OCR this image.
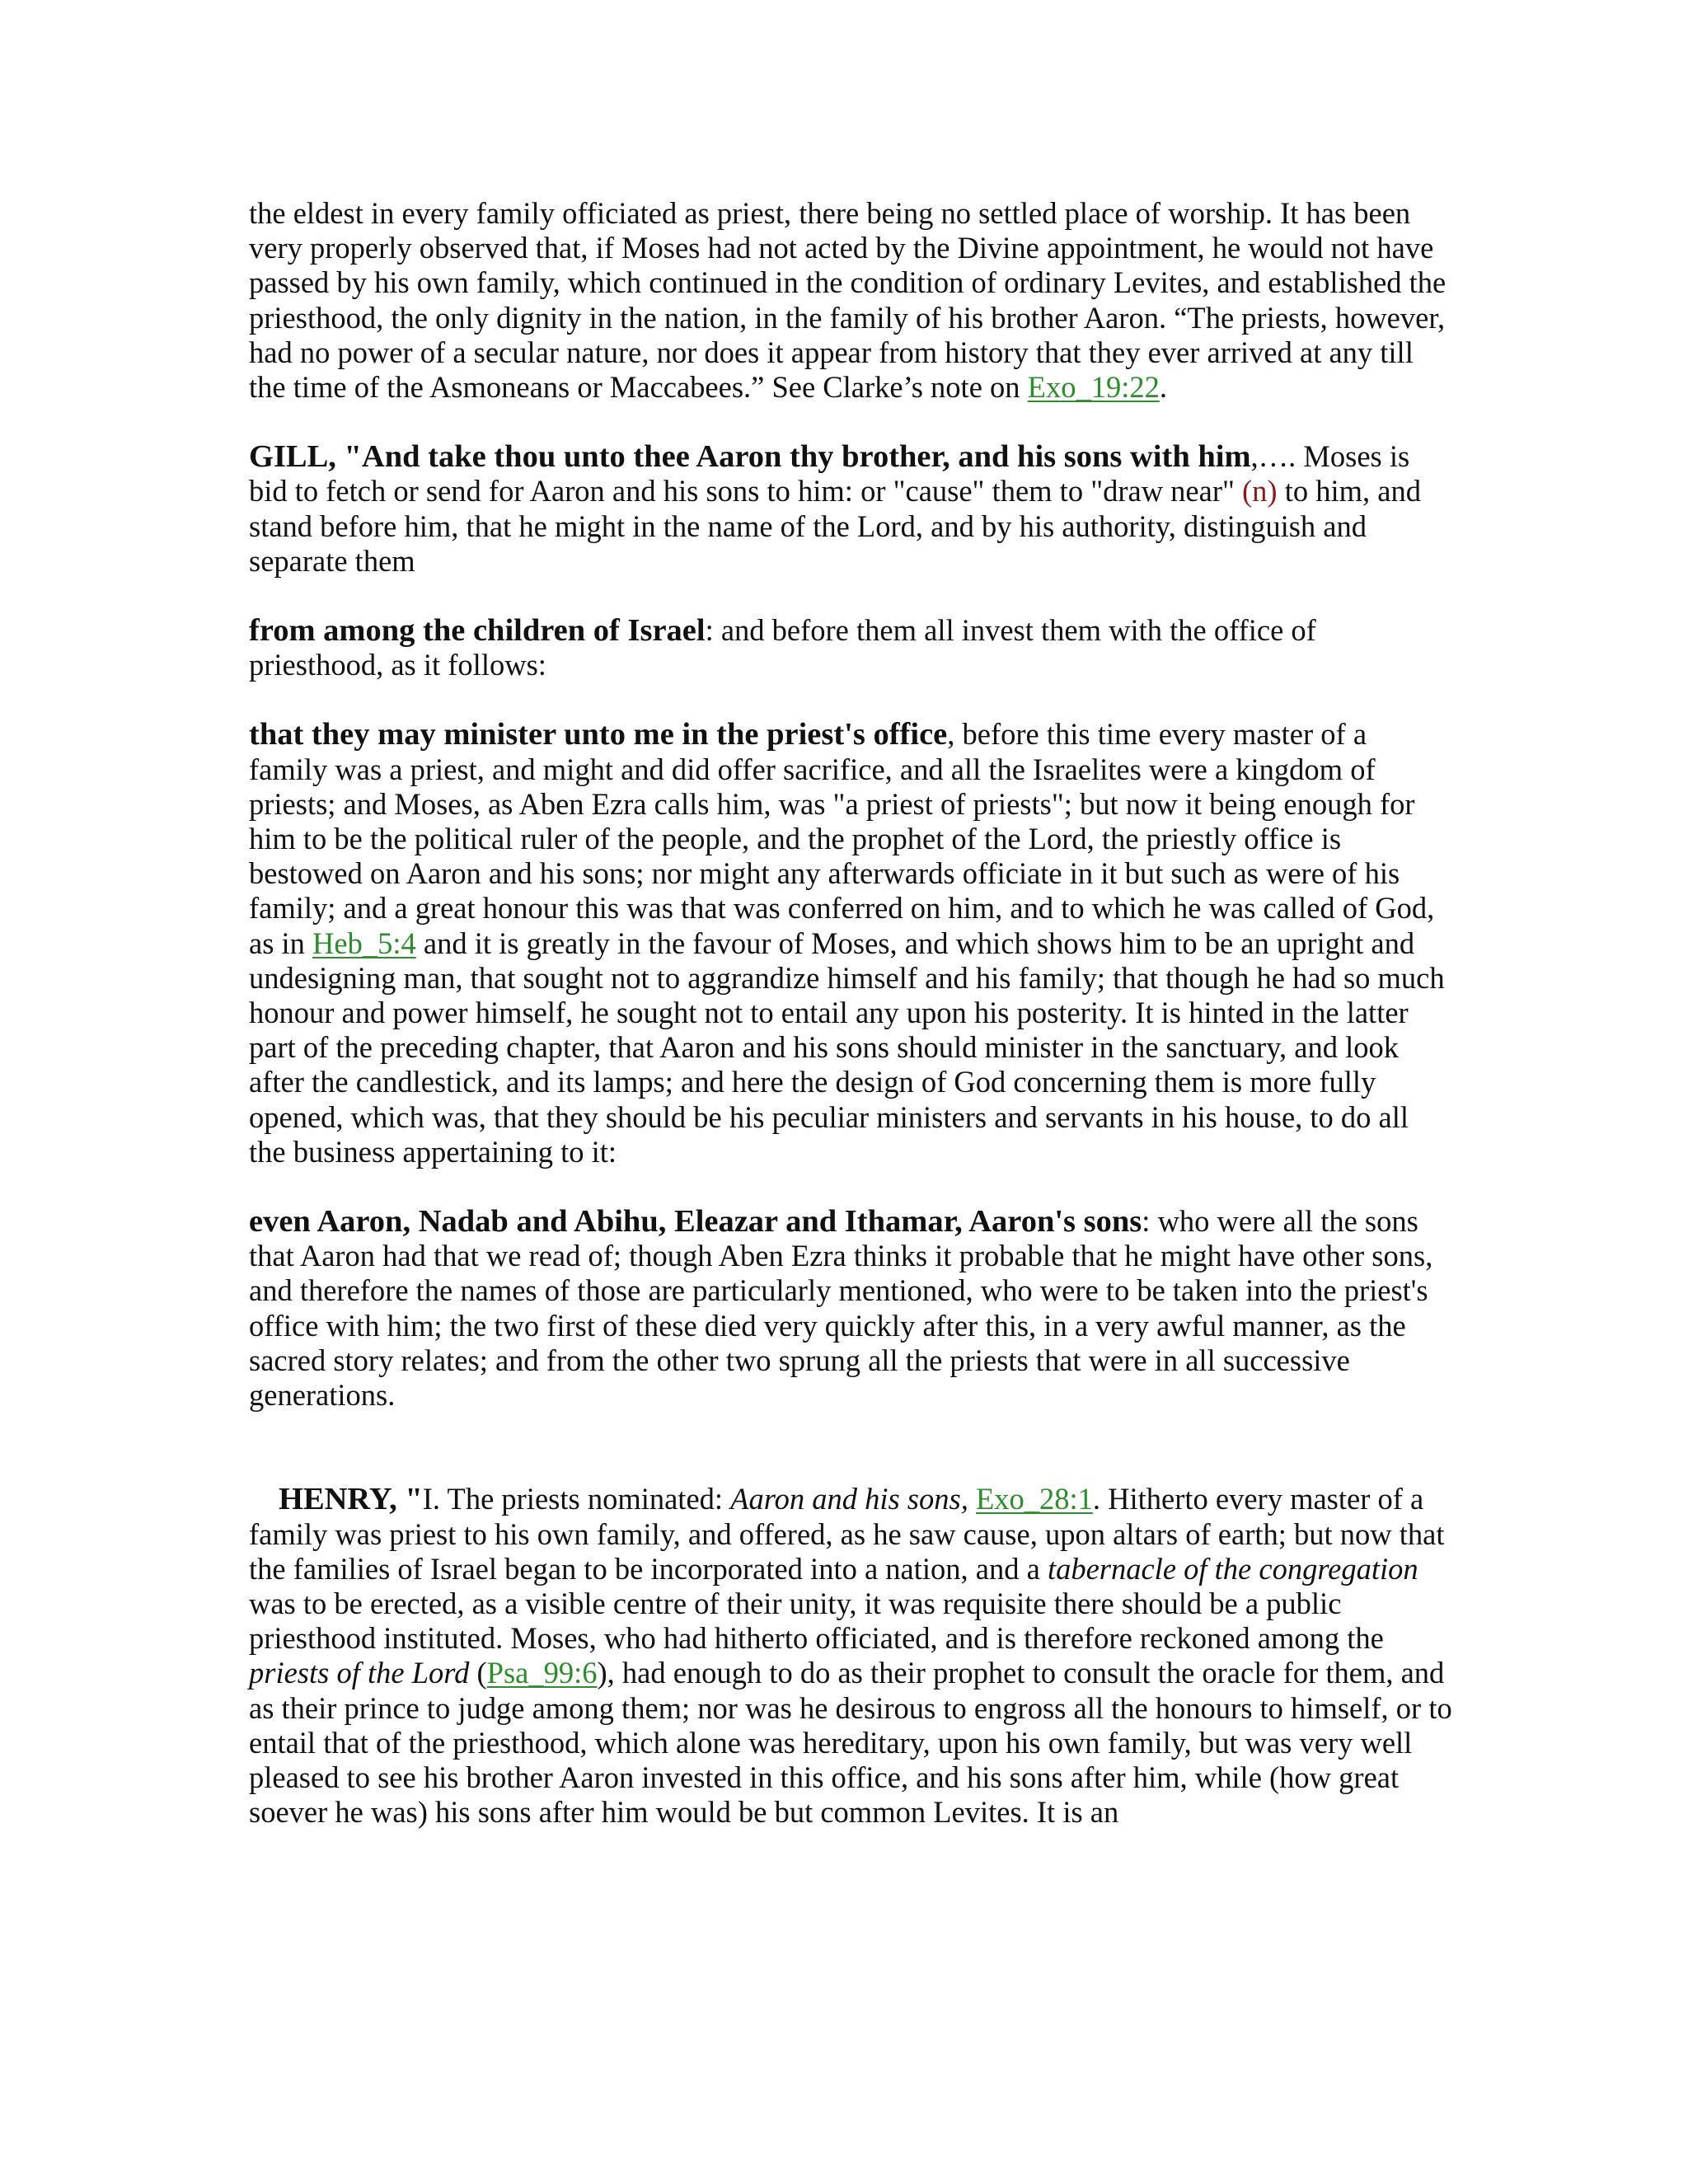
the eldest in every family officiated as priest, there being no settled place of worship. It has been very properly observed that, if Moses had not acted by the Divine appointment, he would not have passed by his own family, which continued in the condition of ordinary Levites, and established the priesthood, the only dignity in the nation, in the family of his brother Aaron. “The priests, however, had no power of a secular nature, nor does it appear from history that they ever arrived at any till the time of the Asmoneans or Maccabees.” See Clarke’s note on Exo_19:22.

GILL, "And take thou unto thee Aaron thy brother, and his sons with him,…. Moses is bid to fetch or send for Aaron and his sons to him: or "cause" them to "draw near" (n) to him, and stand before him, that he might in the name of the Lord, and by his authority, distinguish and separate them

from among the children of Israel: and before them all invest them with the office of priesthood, as it follows:

that they may minister unto me in the priest's office, before this time every master of a family was a priest, and might and did offer sacrifice, and all the Israelites were a kingdom of priests; and Moses, as Aben Ezra calls him, was "a priest of priests"; but now it being enough for him to be the political ruler of the people, and the prophet of the Lord, the priestly office is bestowed on Aaron and his sons; nor might any afterwards officiate in it but such as were of his family; and a great honour this was that was conferred on him, and to which he was called of God, as in Heb_5:4 and it is greatly in the favour of Moses, and which shows him to be an upright and undesigning man, that sought not to aggrandize himself and his family; that though he had so much honour and power himself, he sought not to entail any upon his posterity. It is hinted in the latter part of the preceding chapter, that Aaron and his sons should minister in the sanctuary, and look after the candlestick, and its lamps; and here the design of God concerning them is more fully opened, which was, that they should be his peculiar ministers and servants in his house, to do all the business appertaining to it:

even Aaron, Nadab and Abihu, Eleazar and Ithamar, Aaron's sons: who were all the sons that Aaron had that we read of; though Aben Ezra thinks it probable that he might have other sons, and therefore the names of those are particularly mentioned, who were to be taken into the priest's office with him; the two first of these died very quickly after this, in a very awful manner, as the sacred story relates; and from the other two sprung all the priests that were in all successive generations.

HENRY, "I. The priests nominated: Aaron and his sons, Exo_28:1. Hitherto every master of a family was priest to his own family, and offered, as he saw cause, upon altars of earth; but now that the families of Israel began to be incorporated into a nation, and a tabernacle of the congregation was to be erected, as a visible centre of their unity, it was requisite there should be a public priesthood instituted. Moses, who had hitherto officiated, and is therefore reckoned among the priests of the Lord (Psa_99:6), had enough to do as their prophet to consult the oracle for them, and as their prince to judge among them; nor was he desirous to engross all the honours to himself, or to entail that of the priesthood, which alone was hereditary, upon his own family, but was very well pleased to see his brother Aaron invested in this office, and his sons after him, while (how great soever he was) his sons after him would be but common Levites. It is an
